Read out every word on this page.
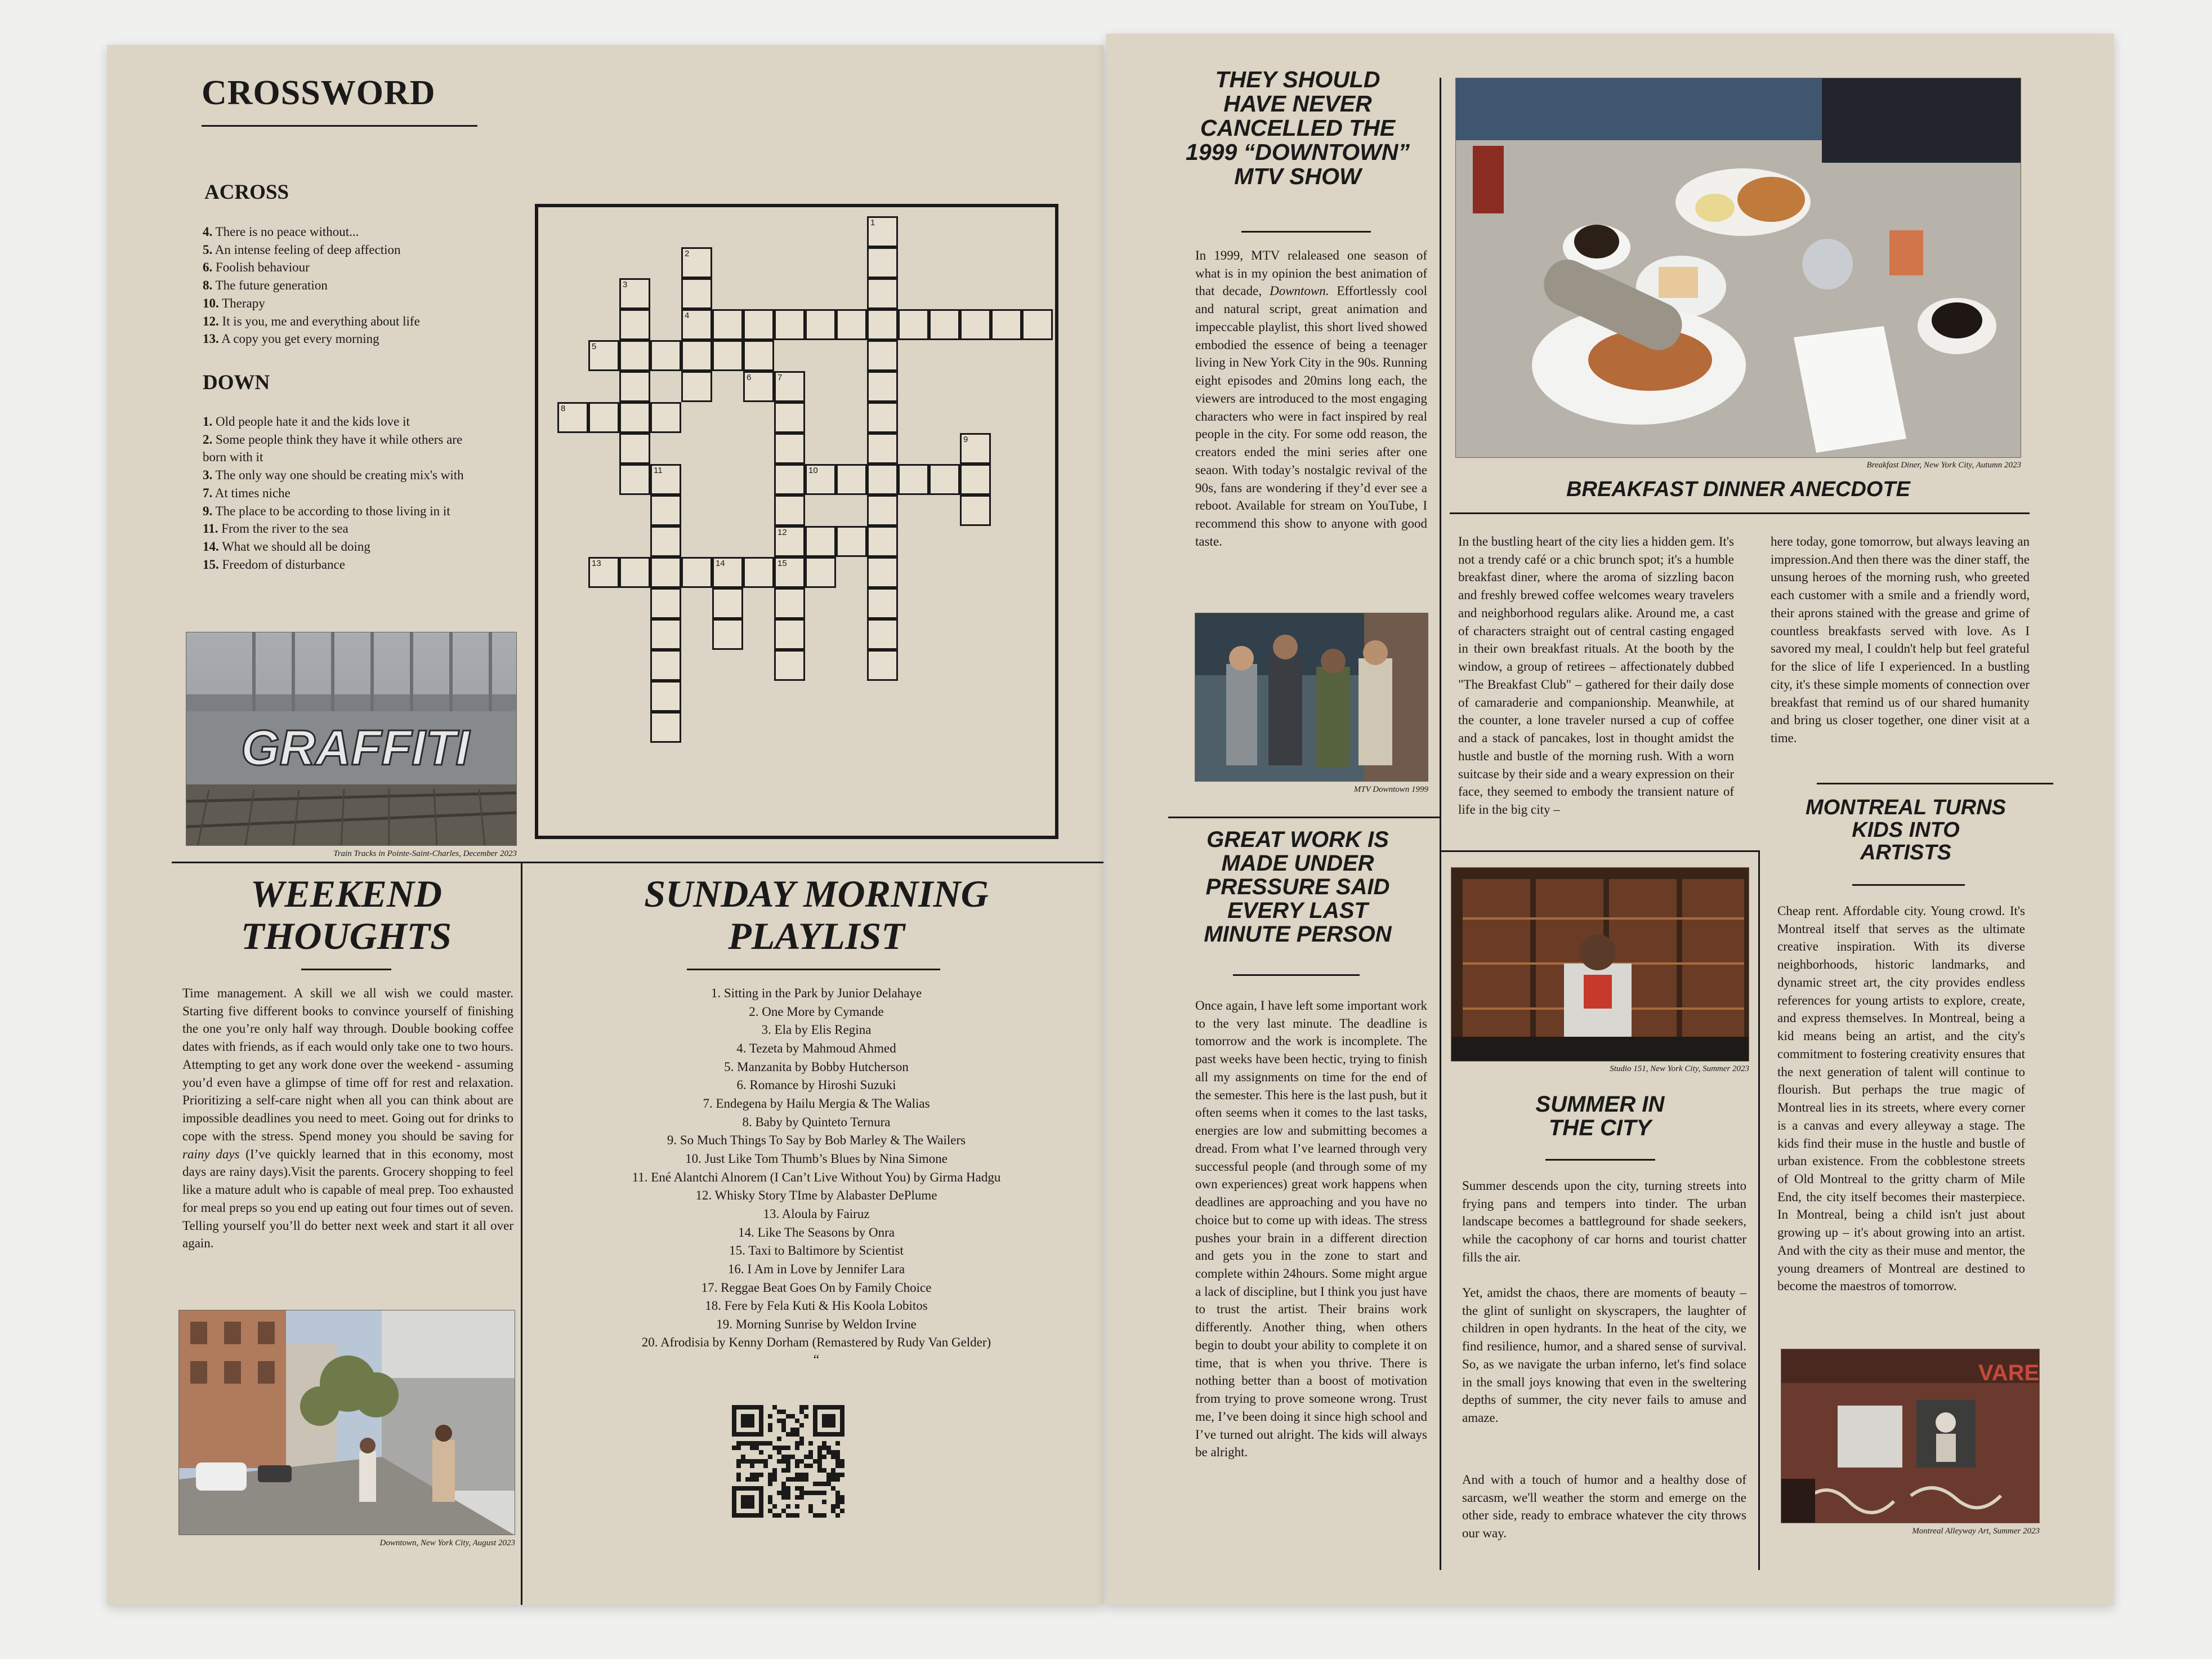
CROSSWORD
ACROSS
4. There is no peace without...
5. An intense feeling of deep affection
6. Foolish behaviour
8. The future generation
10. Therapy
12. It is you, me and everything about life
13. A copy you get every morning
DOWN
1. Old people hate it and the kids love it
2. Some people think they have it while others are born with it
3. The only way one should be creating mix's with
7. At times niche
9. The place to be according to those living in it
11. From the river to the sea
14. What we should all be doing
15. Freedom of disturbance
1
2
4
3
5
6	7
12
15
8
9
10
11
13	14
GRAFFITI
Train Tracks in Pointe-Saint-Charles, December 2023
WEEKEND
THOUGHTS
Time management. A skill we all wish we could master. Starting five different books to convince yourself of finishing the one you’re only half way through. Double booking coffee dates with friends, as if each would only take one to two hours. Attempting to get any work done over the weekend - assuming you’d even have a glimpse of time off for rest and relaxation. Prioritizing a self-care night when all you can think about are impossible deadlines you need to meet. Going out for drinks to cope with the stress. Spend money you should be saving for rainy days (I’ve quickly learned that in this economy, most days are rainy days).Visit the parents. Grocery shopping to feel like a mature adult who is capable of meal prep. Too exhausted for meal preps so you end up eating out four times out of seven. Telling yourself you’ll do better next week and start it all over again.
Downtown, New York City, August 2023
SUNDAY MORNING
PLAYLIST
1. Sitting in the Park by Junior Delahaye
2. One More by Cymande
3. Ela by Elis Regina
4. Tezeta by Mahmoud Ahmed
5. Manzanita by Bobby Hutcherson
6. Romance by Hiroshi Suzuki
7. Endegena by Hailu Mergia & The Walias
8. Baby by Quinteto Ternura
9. So Much Things To Say by Bob Marley & The Wailers
10. Just Like Tom Thumb’s Blues by Nina Simone
11. Ené Alantchi Alnorem (I Can’t Live Without You) by Girma Hadgu
12. Whisky Story TIme by Alabaster DePlume
13. Aloula by Fairuz
14. Like The Seasons by Onra
15. Taxi to Baltimore by Scientist
16. I Am in Love by Jennifer Lara
17. Reggae Beat Goes On by Family Choice
18. Fere by Fela Kuti & His Koola Lobitos
19. Morning Sunrise by Weldon Irvine
20. Afrodisia by Kenny Dorham (Remastered by Rudy Van Gelder)
“
THEY SHOULD
HAVE NEVER
CANCELLED THE
1999 “DOWNTOWN”
MTV SHOW
In 1999, MTV relaleased one season of what is in my opinion the best animation of that decade, Downtown. Effortlessly cool and natural script, great animation and impeccable playlist, this short lived showed embodied the essence of being a teenager living in New York City in the 90s. Running eight episodes and 20mins long each, the viewers are introduced to the most engaging characters who were in fact inspired by real people in the city. For some odd reason, the creators ended the mini series after one seaon. With today’s nostalgic revival of the 90s, fans are wondering if they’d ever see a reboot. Available for stream on YouTube, I recommend this show to anyone with good taste.
MTV Downtown 1999
Breakfast Diner, New York City, Autumn 2023
BREAKFAST DINNER ANECDOTE
In the bustling heart of the city lies a hidden gem. It's not a trendy café or a chic brunch spot; it's a humble breakfast diner, where the aroma of sizzling bacon and freshly brewed coffee welcomes weary travelers and neighborhood regulars alike. Around me, a cast of characters straight out of central casting engaged in their own breakfast rituals. At the booth by the window, a group of retirees – affectionately dubbed "The Breakfast Club" – gathered for their daily dose of camaraderie and companionship. Meanwhile, at the counter, a lone traveler nursed a cup of coffee and a stack of pancakes, lost in thought amidst the hustle and bustle of the morning rush. With a worn suitcase by their side and a weary expression on their face, they seemed to embody the transient nature of life in the big city –
here today, gone tomorrow, but always leaving an impression.And then there was the diner staff, the unsung heroes of the morning rush, who greeted each customer with a smile and a friendly word, their aprons stained with the grease and grime of countless breakfasts served with love. As I savored my meal, I couldn't help but feel grateful for the slice of life I experienced. In a bustling city, it's these simple moments of connection over breakfast that remind us of our shared humanity and bring us closer together, one diner visit at a time.
GREAT WORK IS
MADE UNDER
PRESSURE SAID
EVERY LAST
MINUTE PERSON
Once again, I have left some important work to the very last minute. The deadline is tomorrow and the work is incomplete. The past weeks have been hectic, trying to finish all my assignments on time for the end of the semester. This here is the last push, but it often seems when it comes to the last tasks, energies are low and submitting becomes a dread. From what I’ve learned through very successful people (and through some of my own experiences) great work happens when deadlines are approaching and you have no choice but to come up with ideas. The stress pushes your brain in a different direction and gets you in the zone to start and complete within 24hours. Some might argue a lack of discipline, but I think you just have to trust the artist. Their brains work differently. Another thing, when others begin to doubt your ability to complete it on time, that is when you thrive. There is nothing better than a boost of motivation from trying to prove someone wrong. Trust me, I’ve been doing it since high school and I’ve turned out alright. The kids will always be alright.
Studio 151, New York City, Summer 2023
SUMMER IN
THE CITY
Summer descends upon the city, turning streets into frying pans and tempers into tinder. The urban landscape becomes a battleground for shade seekers, while the cacophony of car horns and tourist chatter fills the air.
Yet, amidst the chaos, there are moments of beauty – the glint of sunlight on skyscrapers, the laughter of children in open hydrants. In the heat of the city, we find resilience, humor, and a shared sense of survival. So, as we navigate the urban inferno, let's find solace in the small joys knowing that even in the sweltering depths of summer, the city never fails to amuse and amaze.
And with a touch of humor and a healthy dose of sarcasm, we'll weather the storm and emerge on the other side, ready to embrace whatever the city throws our way.
MONTREAL TURNS
KIDS INTO
ARTISTS
Cheap rent. Affordable city. Young crowd. It's Montreal itself that serves as the ultimate creative inspiration. With its diverse neighborhoods, historic landmarks, and dynamic street art, the city provides endless references for young artists to explore, create, and express themselves. In Montreal, being a kid means being an artist, and the city's commitment to fostering creativity ensures that the next generation of talent will continue to flourish. But perhaps the true magic of Montreal lies in its streets, where every corner is a canvas and every alleyway a stage. The kids find their muse in the hustle and bustle of urban existence. From the cobblestone streets of Old Montreal to the gritty charm of Mile End, the city itself becomes their masterpiece. In Montreal, being a child isn't just about growing up – it's about growing into an artist. And with the city as their muse and mentor, the young dreamers of Montreal are destined to become the maestros of tomorrow.
VARE
Montreal Alleyway Art, Summer 2023
